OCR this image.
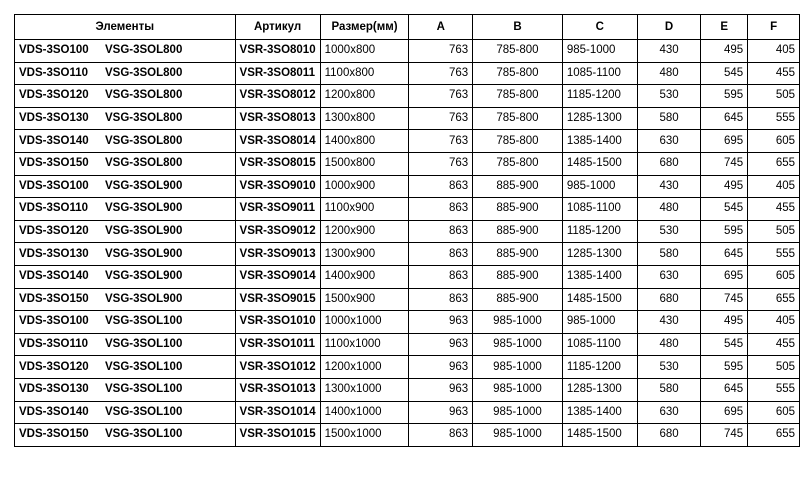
Элементы	Артикул	Размер(мм)	A	B	C	D	E	F
VDS-3SO100 VSG-3SOL800	VSR-3SO8010	1000x800	763	785-800	985-1000	430	495	405
VDS-3SO110 VSG-3SOL800	VSR-3SO8011	1100x800	763	785-800	1085-1100	480	545	455
VDS-3SO120 VSG-3SOL800	VSR-3SO8012	1200x800	763	785-800	1185-1200	530	595	505
VDS-3SO130 VSG-3SOL800	VSR-3SO8013	1300x800	763	785-800	1285-1300	580	645	555
VDS-3SO140 VSG-3SOL800	VSR-3SO8014	1400x800	763	785-800	1385-1400	630	695	605
VDS-3SO150 VSG-3SOL800	VSR-3SO8015	1500x800	763	785-800	1485-1500	680	745	655
VDS-3SO100 VSG-3SOL900	VSR-3SO9010	1000x900	863	885-900	985-1000	430	495	405
VDS-3SO110 VSG-3SOL900	VSR-3SO9011	1100x900	863	885-900	1085-1100	480	545	455
VDS-3SO120 VSG-3SOL900	VSR-3SO9012	1200x900	863	885-900	1185-1200	530	595	505
VDS-3SO130 VSG-3SOL900	VSR-3SO9013	1300x900	863	885-900	1285-1300	580	645	555
VDS-3SO140 VSG-3SOL900	VSR-3SO9014	1400x900	863	885-900	1385-1400	630	695	605
VDS-3SO150 VSG-3SOL900	VSR-3SO9015	1500x900	863	885-900	1485-1500	680	745	655
VDS-3SO100 VSG-3SOL100	VSR-3SO1010	1000x1000	963	985-1000	985-1000	430	495	405
VDS-3SO110 VSG-3SOL100	VSR-3SO1011	1100x1000	963	985-1000	1085-1100	480	545	455
VDS-3SO120 VSG-3SOL100	VSR-3SO1012	1200x1000	963	985-1000	1185-1200	530	595	505
VDS-3SO130 VSG-3SOL100	VSR-3SO1013	1300x1000	963	985-1000	1285-1300	580	645	555
VDS-3SO140 VSG-3SOL100	VSR-3SO1014	1400x1000	963	985-1000	1385-1400	630	695	605
VDS-3SO150 VSG-3SOL100	VSR-3SO1015	1500x1000	863	985-1000	1485-1500	680	745	655
